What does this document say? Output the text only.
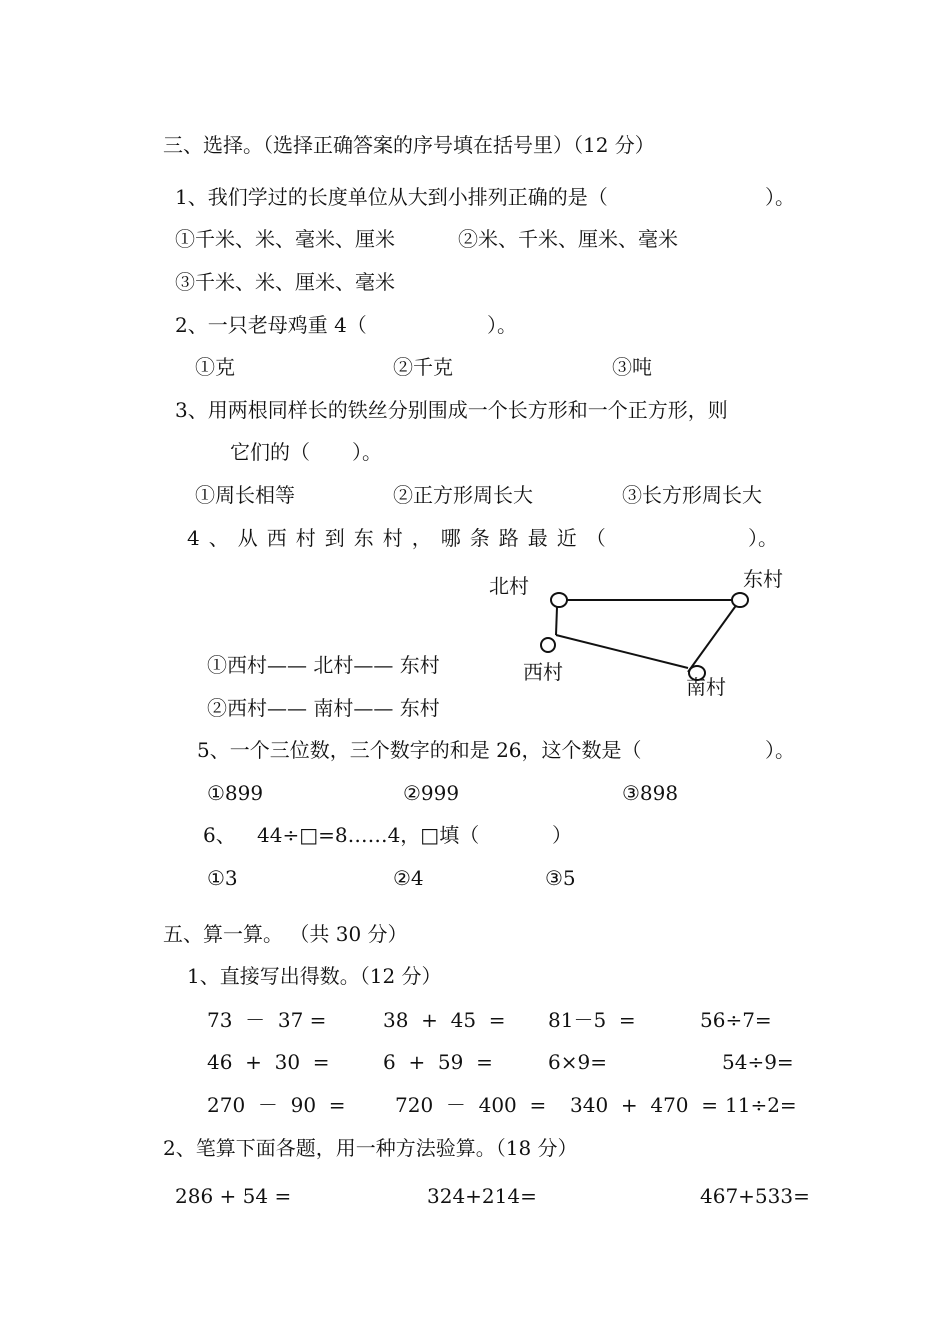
三、选择。（选择正确答案的序号填在括号里）（12 分）
1、我们学过的长度单位从大到小排列正确的是（	）。
①千米、米、毫米、厘米	②米、千米、厘米、毫米
③千米、米、厘米、毫米
2、一只老母鸡重 4（	）。
①克	②千克	③吨
3、用两根同样长的铁丝分别围成一个长方形和一个正方形，则
它们的（ ）。
①周长相等	②正方形周长大	③长方形周长大
4、从西村到东村，哪条路最近（	）。
北村	东村
西村
南村
①西村—— 北村—— 东村
②西村—— 南村—— 东村
5、一个三位数，三个数字的和是 26，这个数是（	）。
①899	②999	③898
6、 44÷□=8……4，□填（	）
①3	②4	③5
五、算一算。 （共 30 分）
1、直接写出得数。（12 分）
73  －  37 =	38  +  45  = 81－5  =	56÷7=
46  +  30  =	6  +  59  =	6×9=	54÷9=
270  －  90  = 720  －  400  = 340  +  470  = 11÷2=
2、笔算下面各题，用一种方法验算。（18 分）
286 + 54 =	324+214=	467+533=
